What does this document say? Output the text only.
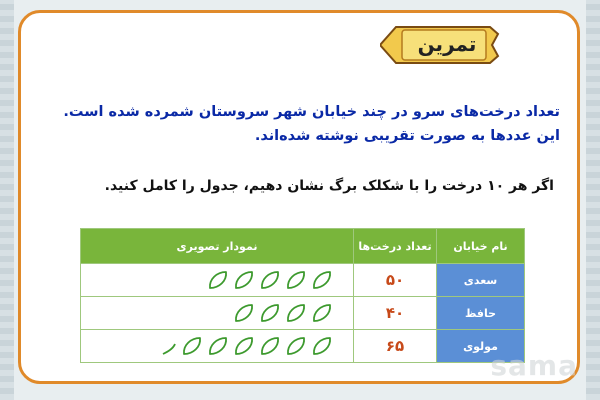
تمرین
تعداد درخت‌های سرو در چند خیابان شهر سروستان شمرده شده است.
این عددها به صورت تقریبی نوشته شده‌اند.
اگر هر ۱۰ درخت را با شکلک برگ نشان دهیم، جدول را کامل کنید.
نام خیابان	تعداد درخت‌ها	نمودار تصویری
سعدی	۵۰	
حافظ	۴۰	
مولوی	۶۵	
sama
